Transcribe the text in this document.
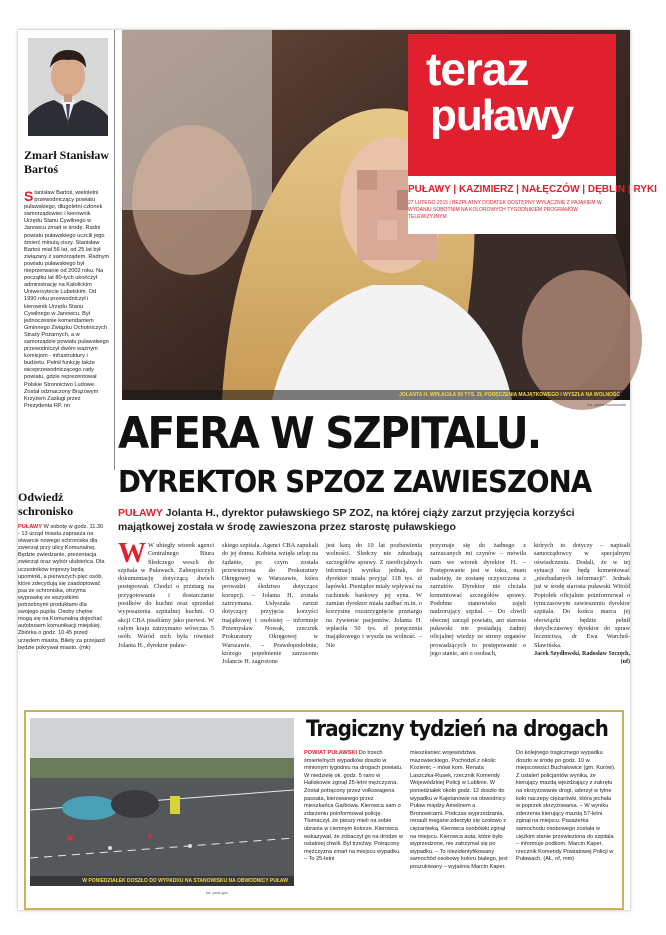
Zmarł Stanisław Bartoś
Stanisław Bartoś, wieloletni przewodniczący powiatu puławskiego, długoletni członek samorządowiec i kierownik Urzędu Stanu Cywilnego w Janowcu zmarł w środę. Radni powiatu puławskiego uczcili jego śmierć minutą ciszy. Stanisław Bartoś miał 56 lat, od 25 lat był związany z samorządem. Radnym powiatu puławskiego był nieprzerwanie od 2002 roku. Na początku lat 80-tych ukończył administrację na Katolickim Uniwersytecie Lubelskim. Od 1990 roku przewodniczył i kierownik Urzędu Stanu Cywilnego w Janowcu. Był jednocześnie komendantem Gminnego Związku Ochotniczych Straży Pożarnych, a w samorządzie powiatu puławskiego przewodniczył dwóm ważnym komisjom - infrastruktury i budżetu. Pełnił funkcję także wiceprzewodniczącego rady powiatu, gdzie reprezentował Polskie Stronnictwo Ludowe. Został odznaczony Brązowym Krzyżem Zasługi przez Prezydenta RP. nn
Odwiedź schronisko
PUŁAWY W sobotę w godz. 11.30 - 13 urząd miasta zaprasza na otwarcie nowego schroniska dla zwierząt przy ulicy Komunalnej. Będzie zwiedzanie, prezentacja zwierząt oraz wybór ulubieńca. Dla uczestników imprezy będą upominki, a pierwszych pięć osób, które zdecydują się zaadoptować psa ze schroniska, otrzyma wyprawkę ze wszystkimi potrzebnymi produktami dla swojego pupila. Osoby chętne mogą się na Komunalną dojechać autobusem komunikacji miejskiej. Zbiórka o godz. 10.45 przed urzędem miasta. Bilety za przejazd będzie pokrywał miasto. (mk)
JOLANTA H. WPŁACIŁA 50 TYS. ZŁ PORĘCZENIA MAJĄTKOWEGO I WYSZŁA NA WOLNOŚĆ
fot. paweł buczkowski
teraz
puławy
PUŁAWY | KAZIMIERZ | NAŁĘCZÓW | DĘBLIN | RYKI
27 LUTEGO 2015 | BEZPŁATNY DODATEK DOSTĘPNY WYŁĄCZNIE Z PAJĄKIEM W WYDANIU SOBOTNIM NA KOLOROWYCH TYGODNIKIEM PROGRAMÓW TELEWIZYJNYM
AFERA W SZPITALU.
DYREKTOR SPZOZ ZAWIESZONA
PUŁAWY Jolanta H., dyrektor puławskiego SP ZOZ, na której ciąży zarzut przyjęcia korzyści majątkowej została w środę zawieszona przez starostę puławskiego
W W ubiegły wtorek agenci Centralnego Biura Śledczego weszli do szpitala w Puławach. Zabezpieczyli dokumentację dotyczącą dwóch postępowań. Chodzi o przetarg na przygotowanie i dostarczanie posiłków do kuchni oraz sprzedaż wyposażenia szpitalnej kuchni. O akcji CBA pisaliśmy jako pierwsi. W całym kraju zatrzymano wówczas 5 osób. Wśród nich była również Jolanta H., dyrektor puław-
skiego szpitala. Agenci CBA zapukali do jej domu. Kobieta wzięła urlop na żądanie, po czym została przewieziona do Prokuratury Okręgowej w Warszawie, która prowadzi śledztwo dotyczące korupcji. – Jolanta H. została zatrzymana. Usłyszała zarzut dotyczący przyjęcia korzyści majątkowej i osobistej – informuje Przemysław Nowak, rzecznik Prokuratury Okręgowej w Warszawie. – Prawdopodobnie, którego popełnienie zarzucono Jolancie H. zagrożone
jest karą do 10 lat pozbawienia wolności. Śledczy nie zdradzają szczegółów sprawy. Z nieoficjalnych informacji wynika jednak, że dyrektor miała przyjąć 118 tys. zł łapówki. Pieniądze miały wpływać na rachunek bankowy jej syna. W zamian dyrektor miała zadbać m.in. o korzystne rozstrzygnięcie przetargu na żywienie pacjentów. Jolanta H. wpłaciła 50 tys. zł poręczenia majątkowego i wyszła na wolność. – Nie
przyznaje się do żadnego z zarzucanych mi czynów – mówiła nam we wtorek dyrektor H. – Postępowanie jest w toku, mam nadzieję, że zostanę oczyszczona z zarzutów. Dyrektor nie chciała komentować szczegółów sprawy. Podobne stanowisko zajęli nadzorujący szpital. – Do chwili obecnej zarząd powiatu, ani starosta puławski nie posiadają żadnej oficjalnej wiedzy ze strony organów prowadzących to postępowanie o jego stanie, ani o osobach,
których to dotyczy – napisali samorządowcy w specjalnym oświadczeniu. Dodali, że w tej sytuacji nie będą komentować „niezbadanych informacji”. Jednak już w środę starosta puławski Witold Popiołek oficjalnie poinformował o tymczasowym zawieszeniu dyrektor szpitala. Do końca marca jej obowiązki będzie pełnił dotychczasowy dyrektor do spraw lecznictwa, dr Ewa Warchoł-Sławińska.
Jacek Szydłowski, Radosław Szczęch, (nf)
W PONIEDZIAŁEK DOSZŁO DO WYPADKU NA STANOWISKU NA OBWODNICY PUŁAW
fot. pruk.gov
Tragiczny tydzień na drogach
POWIAT PUŁAWSKI Do trzech śmiertelnych wypadków doszło w minionym tygodniu na drogach powiatu. W niedzielę ok. godz. 5 rano w Haliskowie zginął 25-letni mężczyzna. Został potrącony przez volkswagena passata, kierowanego przez mieszkańca Garbowa. Kierowca sam o zdarzeniu poinformował policję. Tłumaczył, że pieszy mieli na sobie ubrania w ciemnym kolorze. Kierowca wskazywał, że zobaczył go na drodze w ostatniej chwili. Był trzeźwy. Potrącony mężczyzna zmarł na miejscu wypadku. – To 25-letni
mieszkaniec województwa mazowieckiego. Pochodził z okolic Kozienic – mówi kom. Renata Laszczka-Rusek, rzecznik Komendy Wojewódzkiej Policji w Lublinie. W poniedziałek około godz. 12 doszło do wypadku w Kajetanowie na obwodnicy Puław między Amelinem a Bronowicami. Podczas wyprzedzania, renault megane zderzyło się czołowo z ciężarówką. Kierowca osobówki zginął na miejscu. Kierowca auta, które było wyprzedzone, nie zatrzymał się po wypadku. – To niezidentyfikowany samochód osobowy koloru białego, jest poszukiwany – wyjaśnia Marcin Kaper.
Do kolejnego tragicznego wypadku doszło w środę po godz. 10 w miejscowości Buchałowice (gm. Kurów). Z ustaleń policjantów wynika, że kierujący mazdą wjeżdżający z zakrętu na skrzyżowanie drogi, uderzył w tylne koło naczepy ciężarówki, która jechała w poprzek skrzyżowania. – W wyniku zderzenia kierujący mazdą 57-letni zginął na miejscu. Pasażerka samochodu osobowego została w ciężkim stanie przewieziona do szpitala – informuje podkom. Marcin Kaper, rzecznik Komendy Powiatowej Policji w Puławach. (AŁ, nf, mm)
